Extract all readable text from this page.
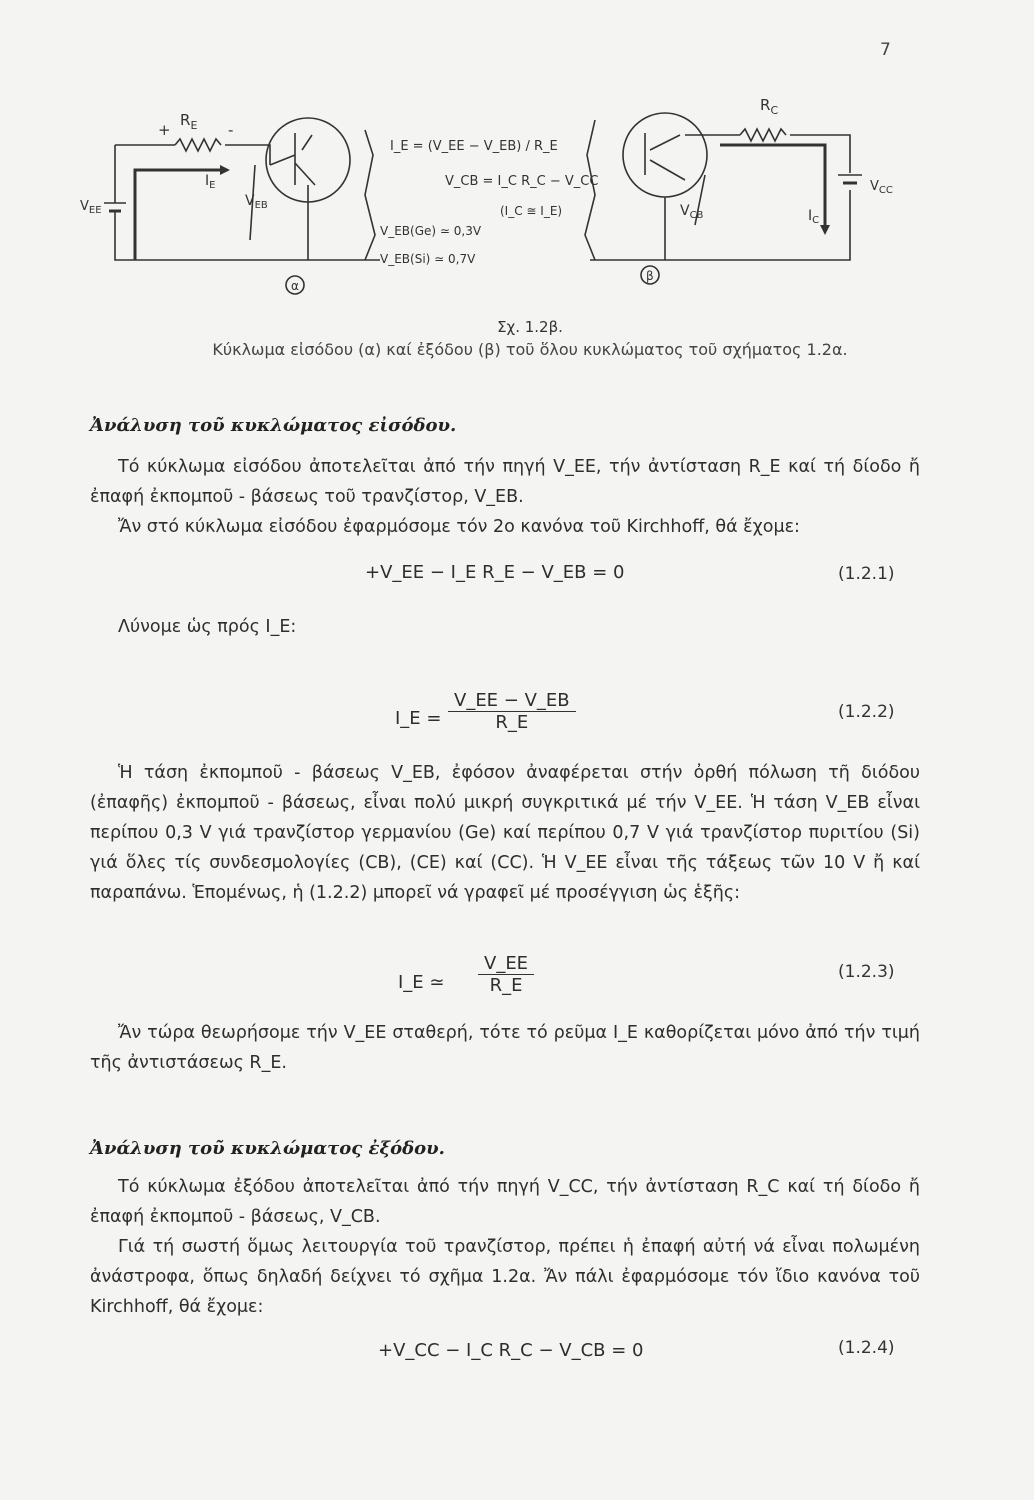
7
+
$R_E$ -
$V_{EE}$
$I_E$
$V_{EB}$
I_E = (V_EE − V_EB) / R_E
V_CB = I_C R_C − V_CC
(I_C ≅ I_E)
V_EB(Ge) ≃ 0,3V
V_EB(Si) ≃ 0,7V
α
β
$R_C$
$V_{CC}$
$I_C$
$V_{CB}$
Σχ. 1.2β.
Κύκλωμα εἰσόδου (α) καί ἐξόδου (β) τοῦ ὅλου κυκλώματος τοῦ σχήματος 1.2α.
Ἀνάλυση τοῦ κυκλώματος εἰσόδου.
Τό κύκλωμα εἰσόδου ἀποτελεῖται ἀπό τήν πηγή V_EE, τήν ἀντίσταση R_E καί τή δίοδο ἤ ἐπαφή ἐκπομποῦ - βάσεως τοῦ τρανζίστορ, V_EB.
Ἄν στό κύκλωμα εἰσόδου ἐφαρμόσομε τόν 2ο κανόνα τοῦ Kirchhoff, θά ἔχομε:
+V_EE − I_E R_E − V_EB = 0	(1.2.1)
Λύνομε ὡς πρός I_E:
I_E = $\frac{V\_EE - V\_EB}{R\_E}$	(1.2.2)
Ἡ τάση ἐκπομποῦ - βάσεως V_EB, ἐφόσον ἀναφέρεται στήν ὀρθή πόλωση τῆ διόδου (ἐπαφῆς) ἐκπομποῦ - βάσεως, εἶναι πολύ μικρή συγκριτικά μέ τήν V_EE. Ἡ τάση V_EB εἶναι περίπου 0,3 V γιά τρανζίστορ γερμανίου (Ge) καί περίπου 0,7 V γιά τρανζίστορ πυριτίου (Si) γιά ὅλες τίς συνδεσμολογίες (CB), (CE) καί (CC). Ἡ V_EE εἶναι τῆς τάξεως τῶν 10 V ἤ καί παραπάνω. Ἑπομένως, ἡ (1.2.2) μπορεῖ νά γραφεῖ μέ προσέγγιση ὡς ἑξῆς:
I_E ≃ $\frac{V\_EE}{R\_E}$	(1.2.3)
Ἄν τώρα θεωρήσομε τήν V_EE σταθερή, τότε τό ρεῦμα I_E καθορίζεται μόνο ἀπό τήν τιμή τῆς ἀντιστάσεως R_E.
Ἀνάλυση τοῦ κυκλώματος ἐξόδου.
Τό κύκλωμα ἐξόδου ἀποτελεῖται ἀπό τήν πηγή V_CC, τήν ἀντίσταση R_C καί τή δίοδο ἤ ἐπαφή ἐκπομποῦ - βάσεως, V_CB.
Γιά τή σωστή ὅμως λειτουργία τοῦ τρανζίστορ, πρέπει ἡ ἐπαφή αὐτή νά εἶναι πολωμένη ἀνάστροφα, ὅπως δηλαδή δείχνει τό σχῆμα 1.2α. Ἄν πάλι ἐφαρμόσομε τόν ἴδιο κανόνα τοῦ Kirchhoff, θά ἔχομε:
+V_CC − I_C R_C − V_CB = 0	(1.2.4)
